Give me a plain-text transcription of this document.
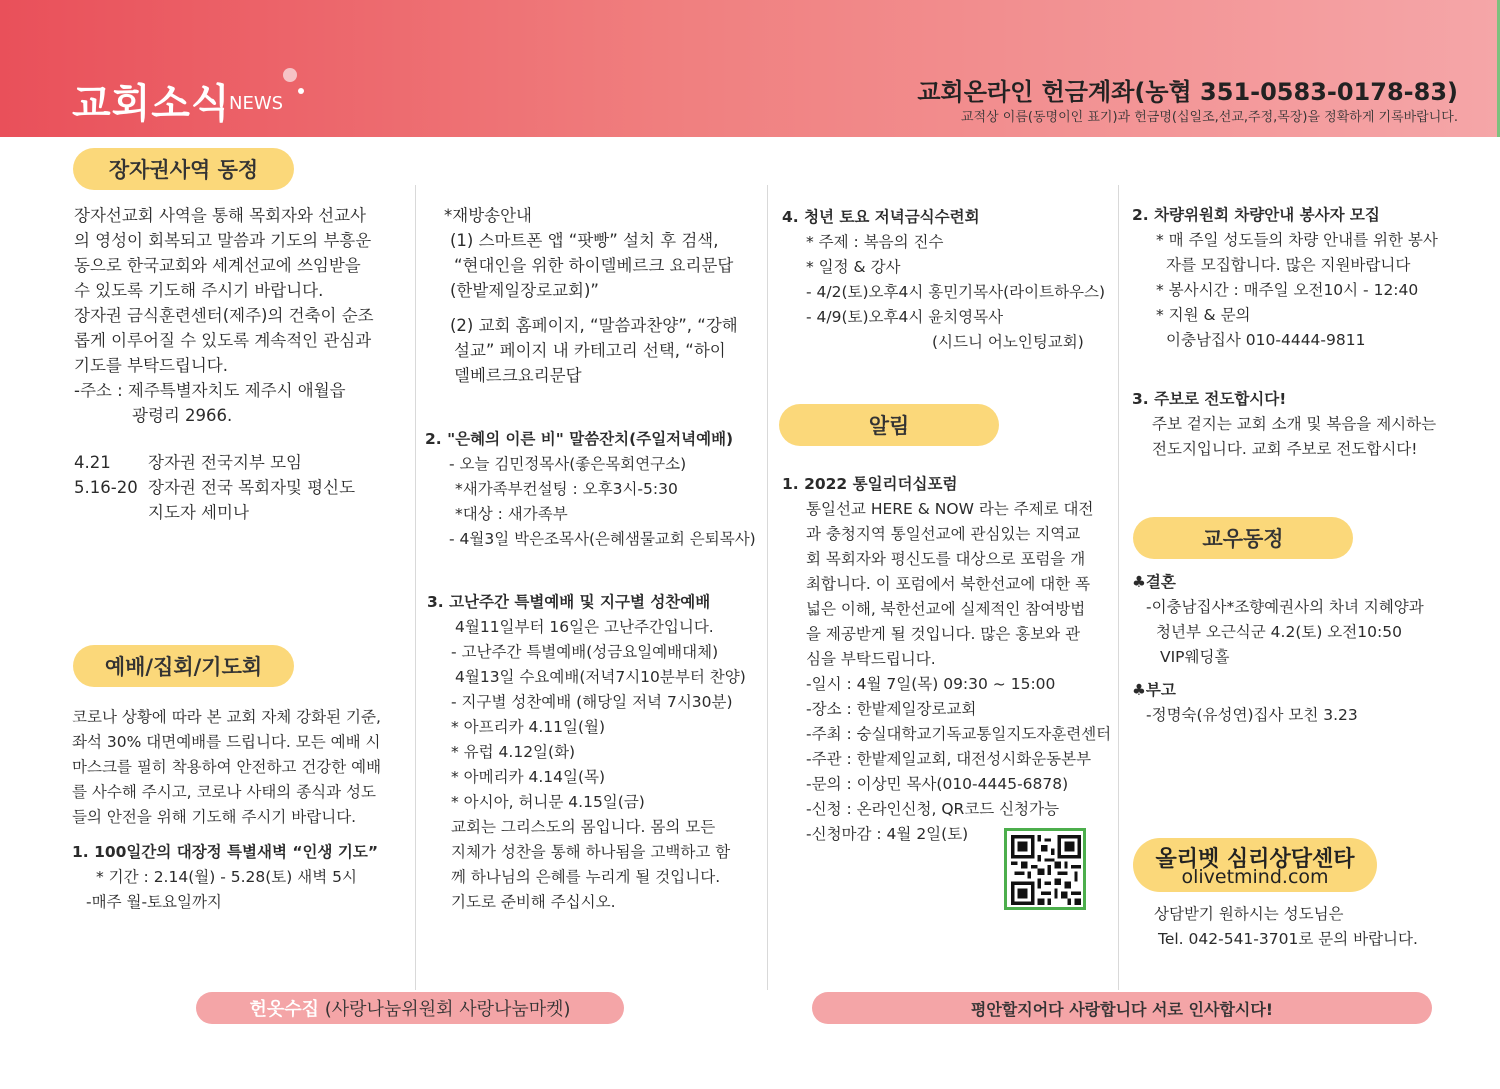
교회소식
NEWS	교회온라인 헌금계좌(농협 351-0583-0178-83)
교적상 이름(동명이인 표기)과 헌금명(십일조,선교,주정,목장)을 정확하게 기록바랍니다.
장자권사역 동정

장자선교회 사역을 통해 목회자와 선교사

의 영성이 회복되고 말씀과 기도의 부흥운

동으로 한국교회와 세계선교에 쓰임받을

수 있도록 기도해 주시기 바랍니다.

장자권 금식훈련센터(제주)의 건축이 순조

롭게 이루어질 수 있도록 계속적인 관심과

기도를 부탁드립니다.

-주소 : 제주특별자치도 제주시 애월읍

광령리 2966.

4.21 장자권 전국지부 모임

5.16-20 장자권 전국 목회자및 평신도

지도자 세미나

예배/집회/기도회

코로나 상황에 따라 본 교회 자체 강화된 기준,

좌석 30% 대면예배를 드립니다. 모든 예배 시

마스크를 필히 착용하여 안전하고 건강한 예배

를 사수해 주시고, 코로나 사태의 종식과 성도

들의 안전을 위해 기도해 주시기 바랍니다.

1. 100일간의 대장정 특별새벽 “인생 기도”

* 기간 : 2.14(월) - 5.28(토) 새벽 5시

-매주 월-토요일까지

*재방송안내

(1) 스마트폰 앱 “팟빵” 설치 후 검색,

“현대인을 위한 하이델베르크 요리문답

(한밭제일장로교회)”

(2) 교회 홈페이지, “말씀과찬양”, “강해

설교” 페이지 내 카테고리 선택, “하이

델베르크요리문답

2. "은혜의 이른 비" 말씀잔치(주일저녁예배)

- 오늘 김민정목사(좋은목회연구소)

*새가족부컨설팅 : 오후3시-5:30

*대상 : 새가족부

- 4월3일 박은조목사(은혜샘물교회 은퇴목사)

3. 고난주간 특별예배 및 지구별 성찬예배

4월11일부터 16일은 고난주간입니다.

- 고난주간 특별예배(성금요일예배대체)

4월13일 수요예배(저녁7시10분부터 찬양)

- 지구별 성찬예배 (해당일 저녁 7시30분)

* 아프리카 4.11일(월)

* 유럽 4.12일(화)

* 아메리카 4.14일(목)

* 아시아, 허니문 4.15일(금)

교회는 그리스도의 몸입니다. 몸의 모든

지체가 성찬을 통해 하나됨을 고백하고 함

께 하나님의 은혜를 누리게 될 것입니다.

기도로 준비해 주십시오.

4. 청년 토요 저녁금식수련회

* 주제 : 복음의 진수

* 일정 & 강사

- 4/2(토)오후4시 홍민기목사(라이트하우스)

- 4/9(토)오후4시 윤치영목사

(시드니 어노인팅교회)

알림

1. 2022 통일리더십포럼

통일선교 HERE & NOW 라는 주제로 대전

과 충청지역 통일선교에 관심있는 지역교

회 목회자와 평신도를 대상으로 포럼을 개

최합니다. 이 포럼에서 북한선교에 대한 폭

넓은 이해, 북한선교에 실제적인 참여방법

을 제공받게 될 것입니다. 많은 홍보와 관

심을 부탁드립니다.

-일시 : 4월 7일(목) 09:30 ~ 15:00

-장소 : 한밭제일장로교회

-주최 : 숭실대학교기독교통일지도자훈련센터

-주관 : 한밭제일교회, 대전성시화운동본부

-문의 : 이상민 목사(010-4445-6878)

-신청 : 온라인신청, QR코드 신청가능

-신청마감 : 4월 2일(토)

2. 차량위원회 차량안내 봉사자 모집

* 매 주일 성도들의 차량 안내를 위한 봉사

자를 모집합니다. 많은 지원바랍니다

* 봉사시간 : 매주일 오전10시 - 12:40

* 지원 & 문의

이충남집사 010-4444-9811

3. 주보로 전도합시다!

주보 겉지는 교회 소개 및 복음을 제시하는

전도지입니다. 교회 주보로 전도합시다!

교우동정

♣결혼

-이충남집사*조향예권사의 차녀 지혜양과

청년부 오근식군 4.2(토) 오전10:50

VIP웨딩홀

♣부고

-정명숙(유성연)집사 모친 3.23

올리벳 심리상담센타
olivetmind.com

상담받기 원하시는 성도님은

Tel. 042-541-3701로 문의 바랍니다.

헌옷수집
(사랑나눔위원회 사랑나눔마켓)	평안할지어다 사랑합니다 서로 인사합시다!
